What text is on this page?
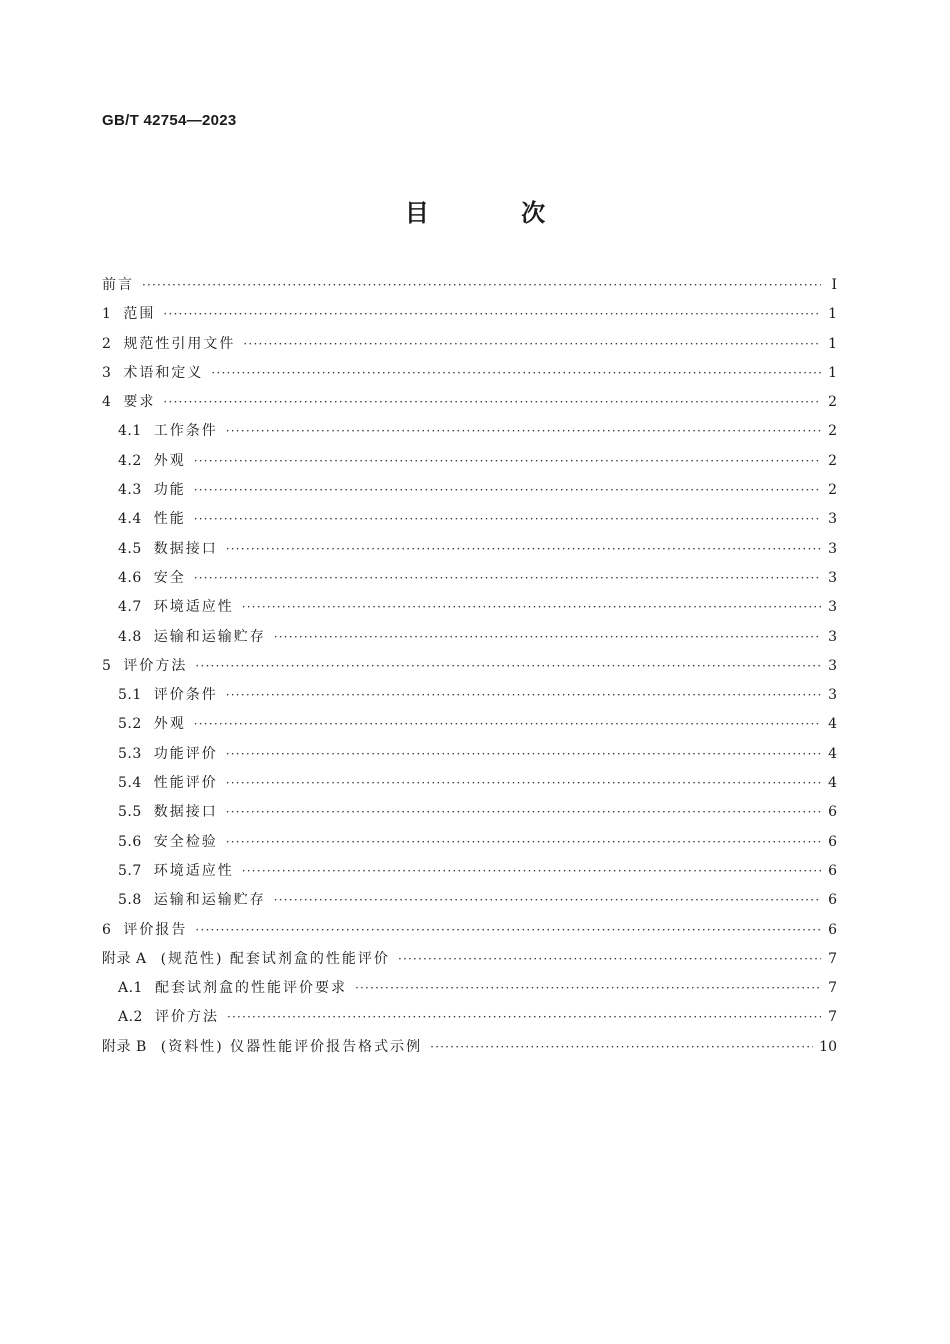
GB/T 42754—2023
目 次
前言 ·····	Ⅰ
1 范围 ·····	1
2 规范性引用文件 ·····	1
3 术语和定义 ·····	1
4 要求 ·····	2
4.1 工作条件 ·····	2
4.2 外观 ·····	2
4.3 功能 ·····	2
4.4 性能 ·····	3
4.5 数据接口 ·····	3
4.6 安全 ·····	3
4.7 环境适应性 ·····	3
4.8 运输和运输贮存 ·····	3
5 评价方法 ·····	3
5.1 评价条件 ·····	3
5.2 外观 ·····	4
5.3 功能评价 ·····	4
5.4 性能评价 ·····	4
5.5 数据接口 ·····	6
5.6 安全检验 ·····	6
5.7 环境适应性 ·····	6
5.8 运输和运输贮存 ·····	6
6 评价报告 ·····	6
附录 A (规范性) 配套试剂盒的性能评价 ·····	7
A.1 配套试剂盒的性能评价要求 ·····	7
A.2 评价方法 ·····	7
附录 B (资料性) 仪器性能评价报告格式示例 ·····	10
